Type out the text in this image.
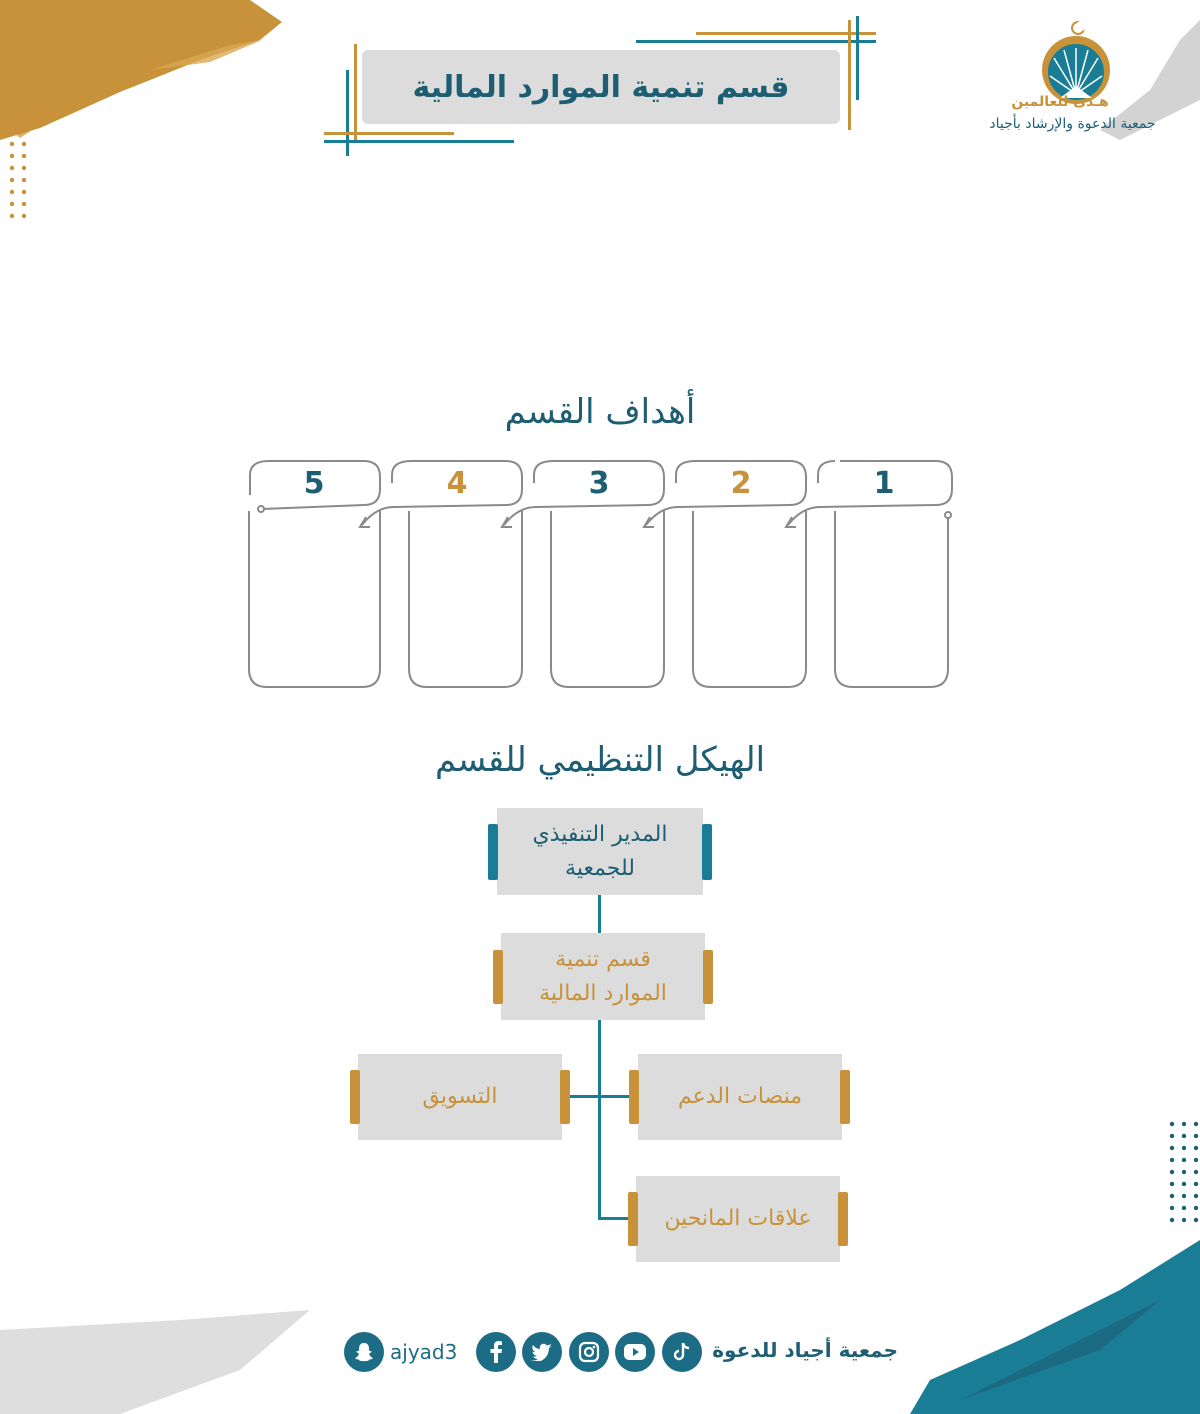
قسم تنمية الموارد المالية	هـدى للعالمين
جمعية الدعوة والإرشاد بأجياد
أهداف القسم
1
2
3
4
5
الهيكل التنظيمي للقسم
المدير التنفيذي
للجمعية
قسم تنمية
الموارد المالية
منصات الدعم
التسويق
علاقات المانحين
جمعية أجياد للدعوة
ajyad3
